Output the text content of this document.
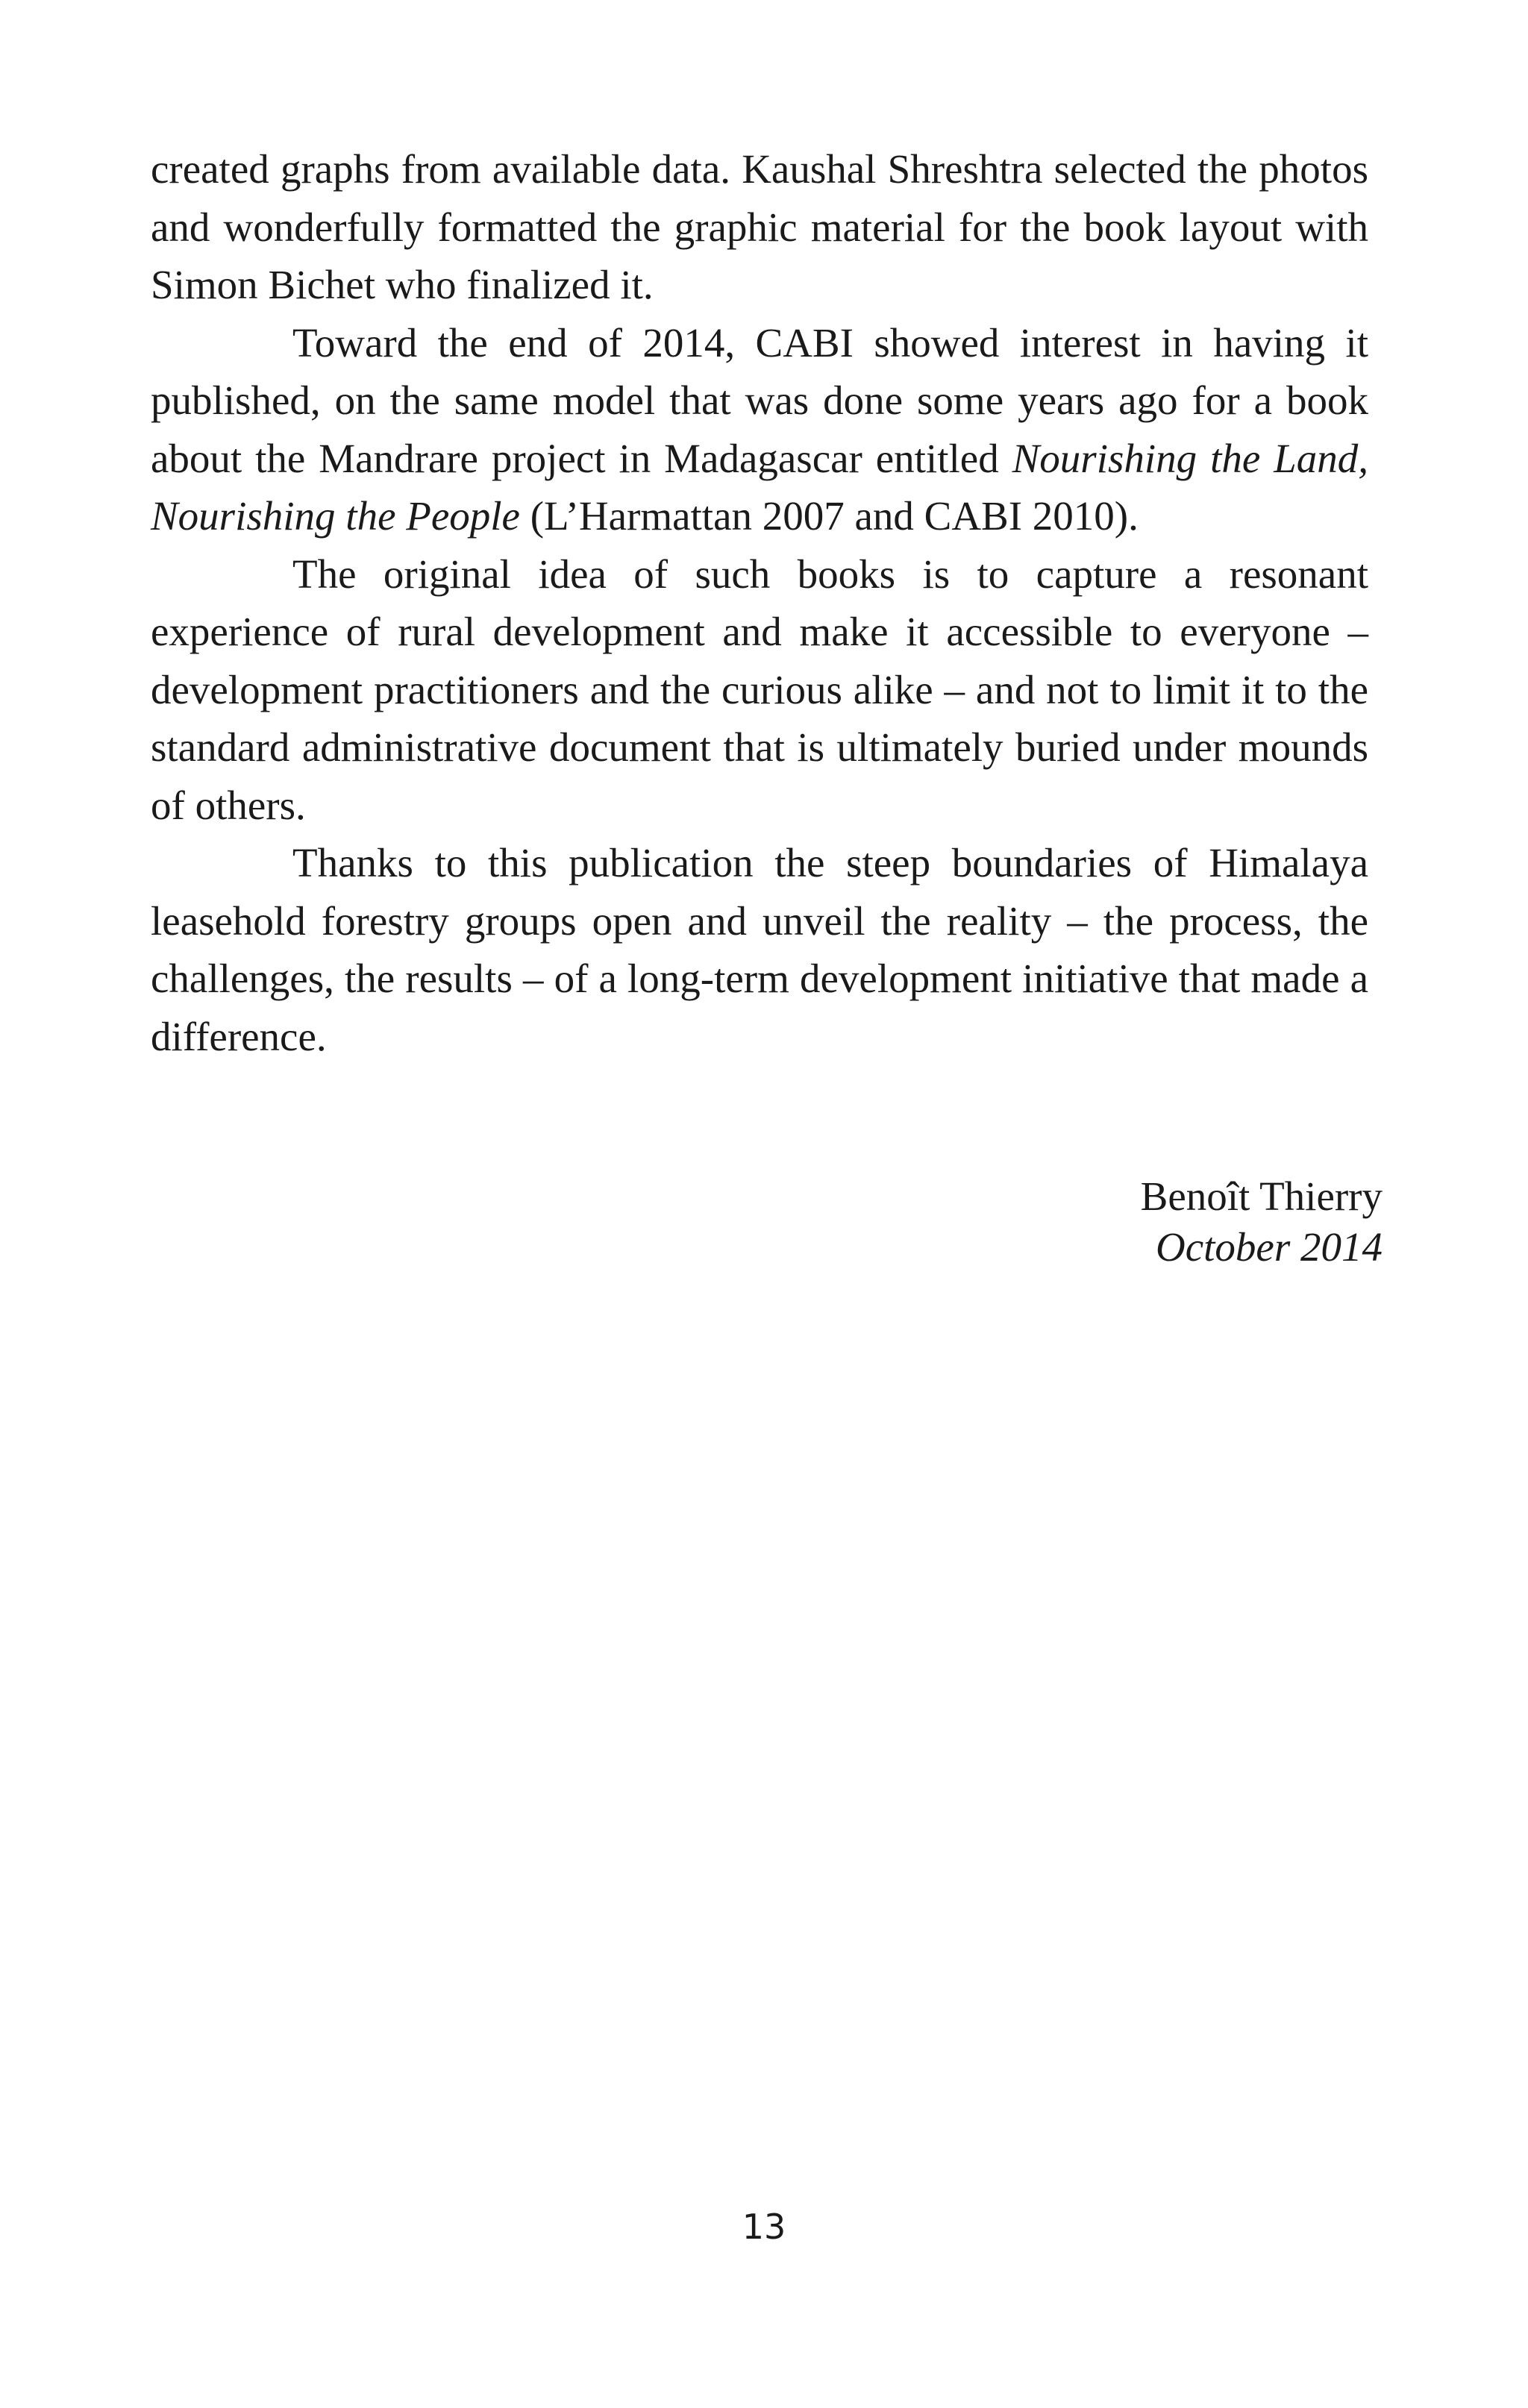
created graphs from available data. Kaushal Shreshtra selected the photos and wonderfully formatted the graphic material for the book layout with Simon Bichet who finalized it.

Toward the end of 2014, CABI showed interest in having it published, on the same model that was done some years ago for a book about the Mandrare project in Madagascar entitled Nourishing the Land, Nourishing the People (L’Harmattan 2007 and CABI 2010).

The original idea of such books is to capture a resonant experience of rural development and make it accessible to everyone – development practitioners and the curious alike – and not to limit it to the standard administrative document that is ultimately buried under mounds of others.

Thanks to this publication the steep boundaries of Himalaya leasehold forestry groups open and unveil the reality – the process, the challenges, the results – of a long-term development initiative that made a difference.

Benoît Thierry
October 2014
13
